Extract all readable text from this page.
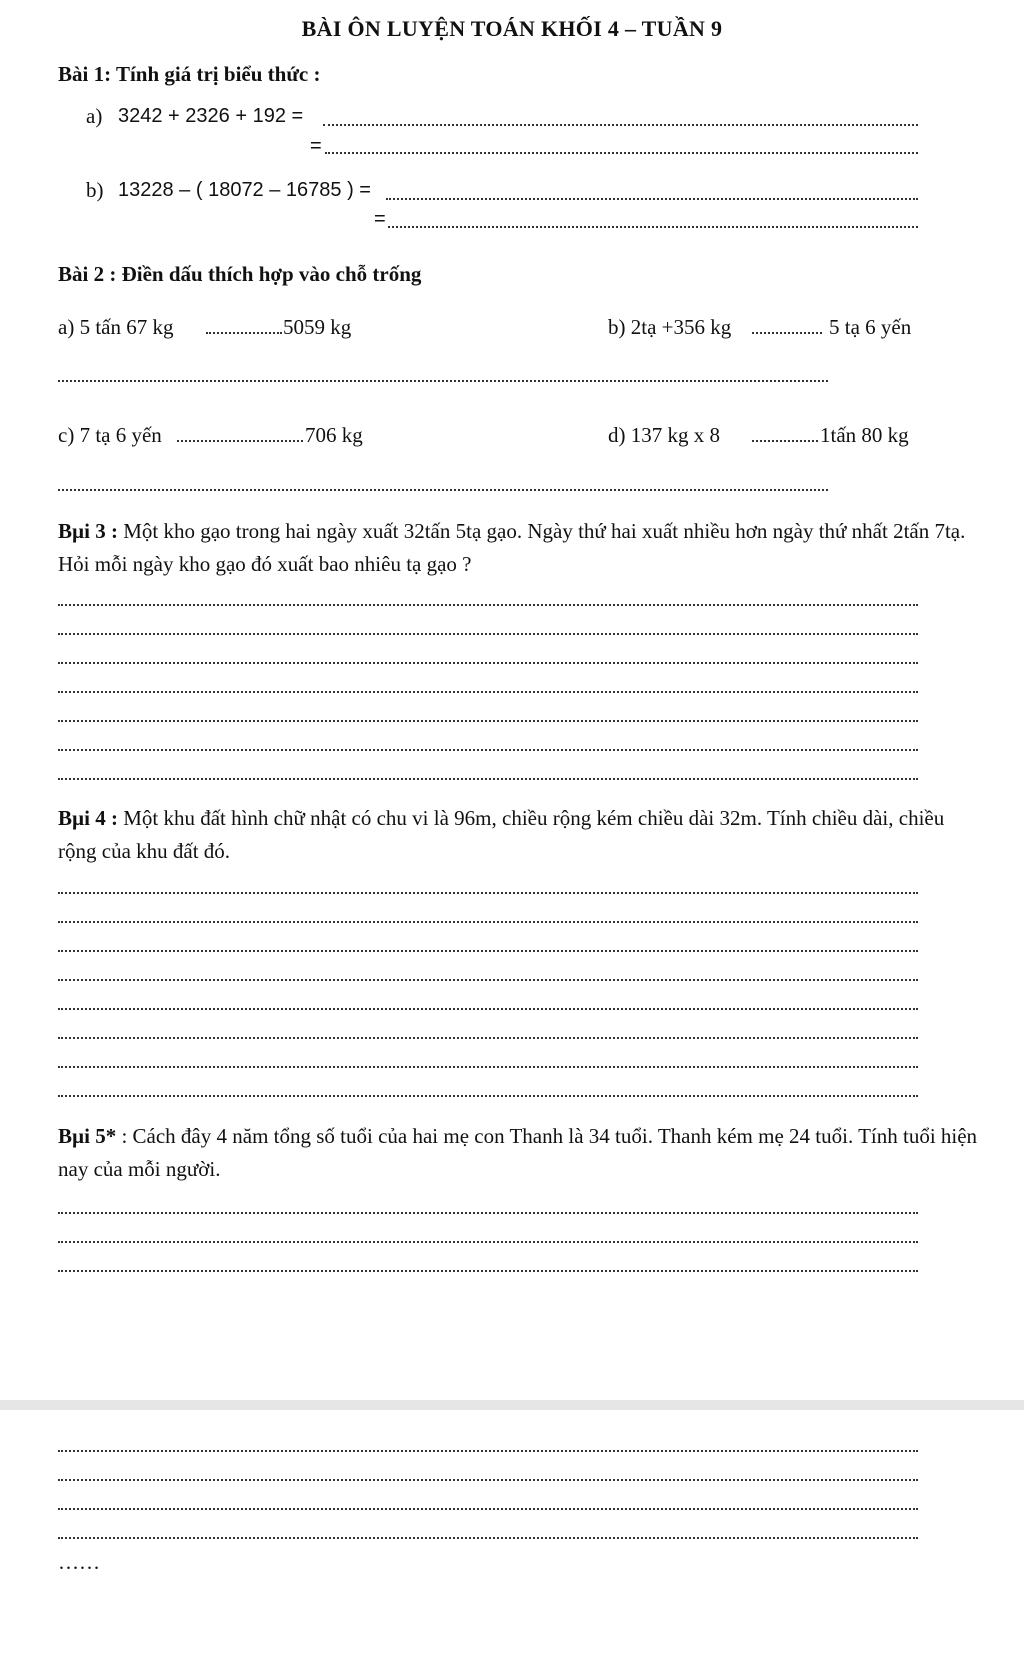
BÀI ÔN LUYỆN TOÁN KHỐI 4 – TUẦN 9
Bài 1: Tính giá trị biểu thức :
a) 3242 + 2326 + 192 =
=
b) 13228 – ( 18072 – 16785 ) =
=
Bài 2 : Điền dấu thích hợp vào chỗ trống
a) 5 tấn 67 kg	5059 kg	b) 2tạ +356 kg	5 tạ 6 yến
c) 7 tạ 6 yến	706 kg	d) 137 kg x 8	1tấn 80 kg
Bµi 3 : Một kho gạo trong hai ngày xuất 32tấn 5tạ gạo. Ngày thứ hai xuất nhiều hơn ngày thứ nhất 2tấn 7tạ. Hỏi mỗi ngày kho gạo đó xuất bao nhiêu tạ gạo ?
Bµi 4 : Một khu đất hình chữ nhật có chu vi là 96m, chiều rộng kém chiều dài 32m. Tính chiều dài, chiều rộng của khu đất đó.
Bµi 5* : Cách đây 4 năm tổng số tuổi của hai mẹ con Thanh là 34 tuổi. Thanh kém mẹ 24 tuổi. Tính tuổi hiện nay của mỗi người.
……
